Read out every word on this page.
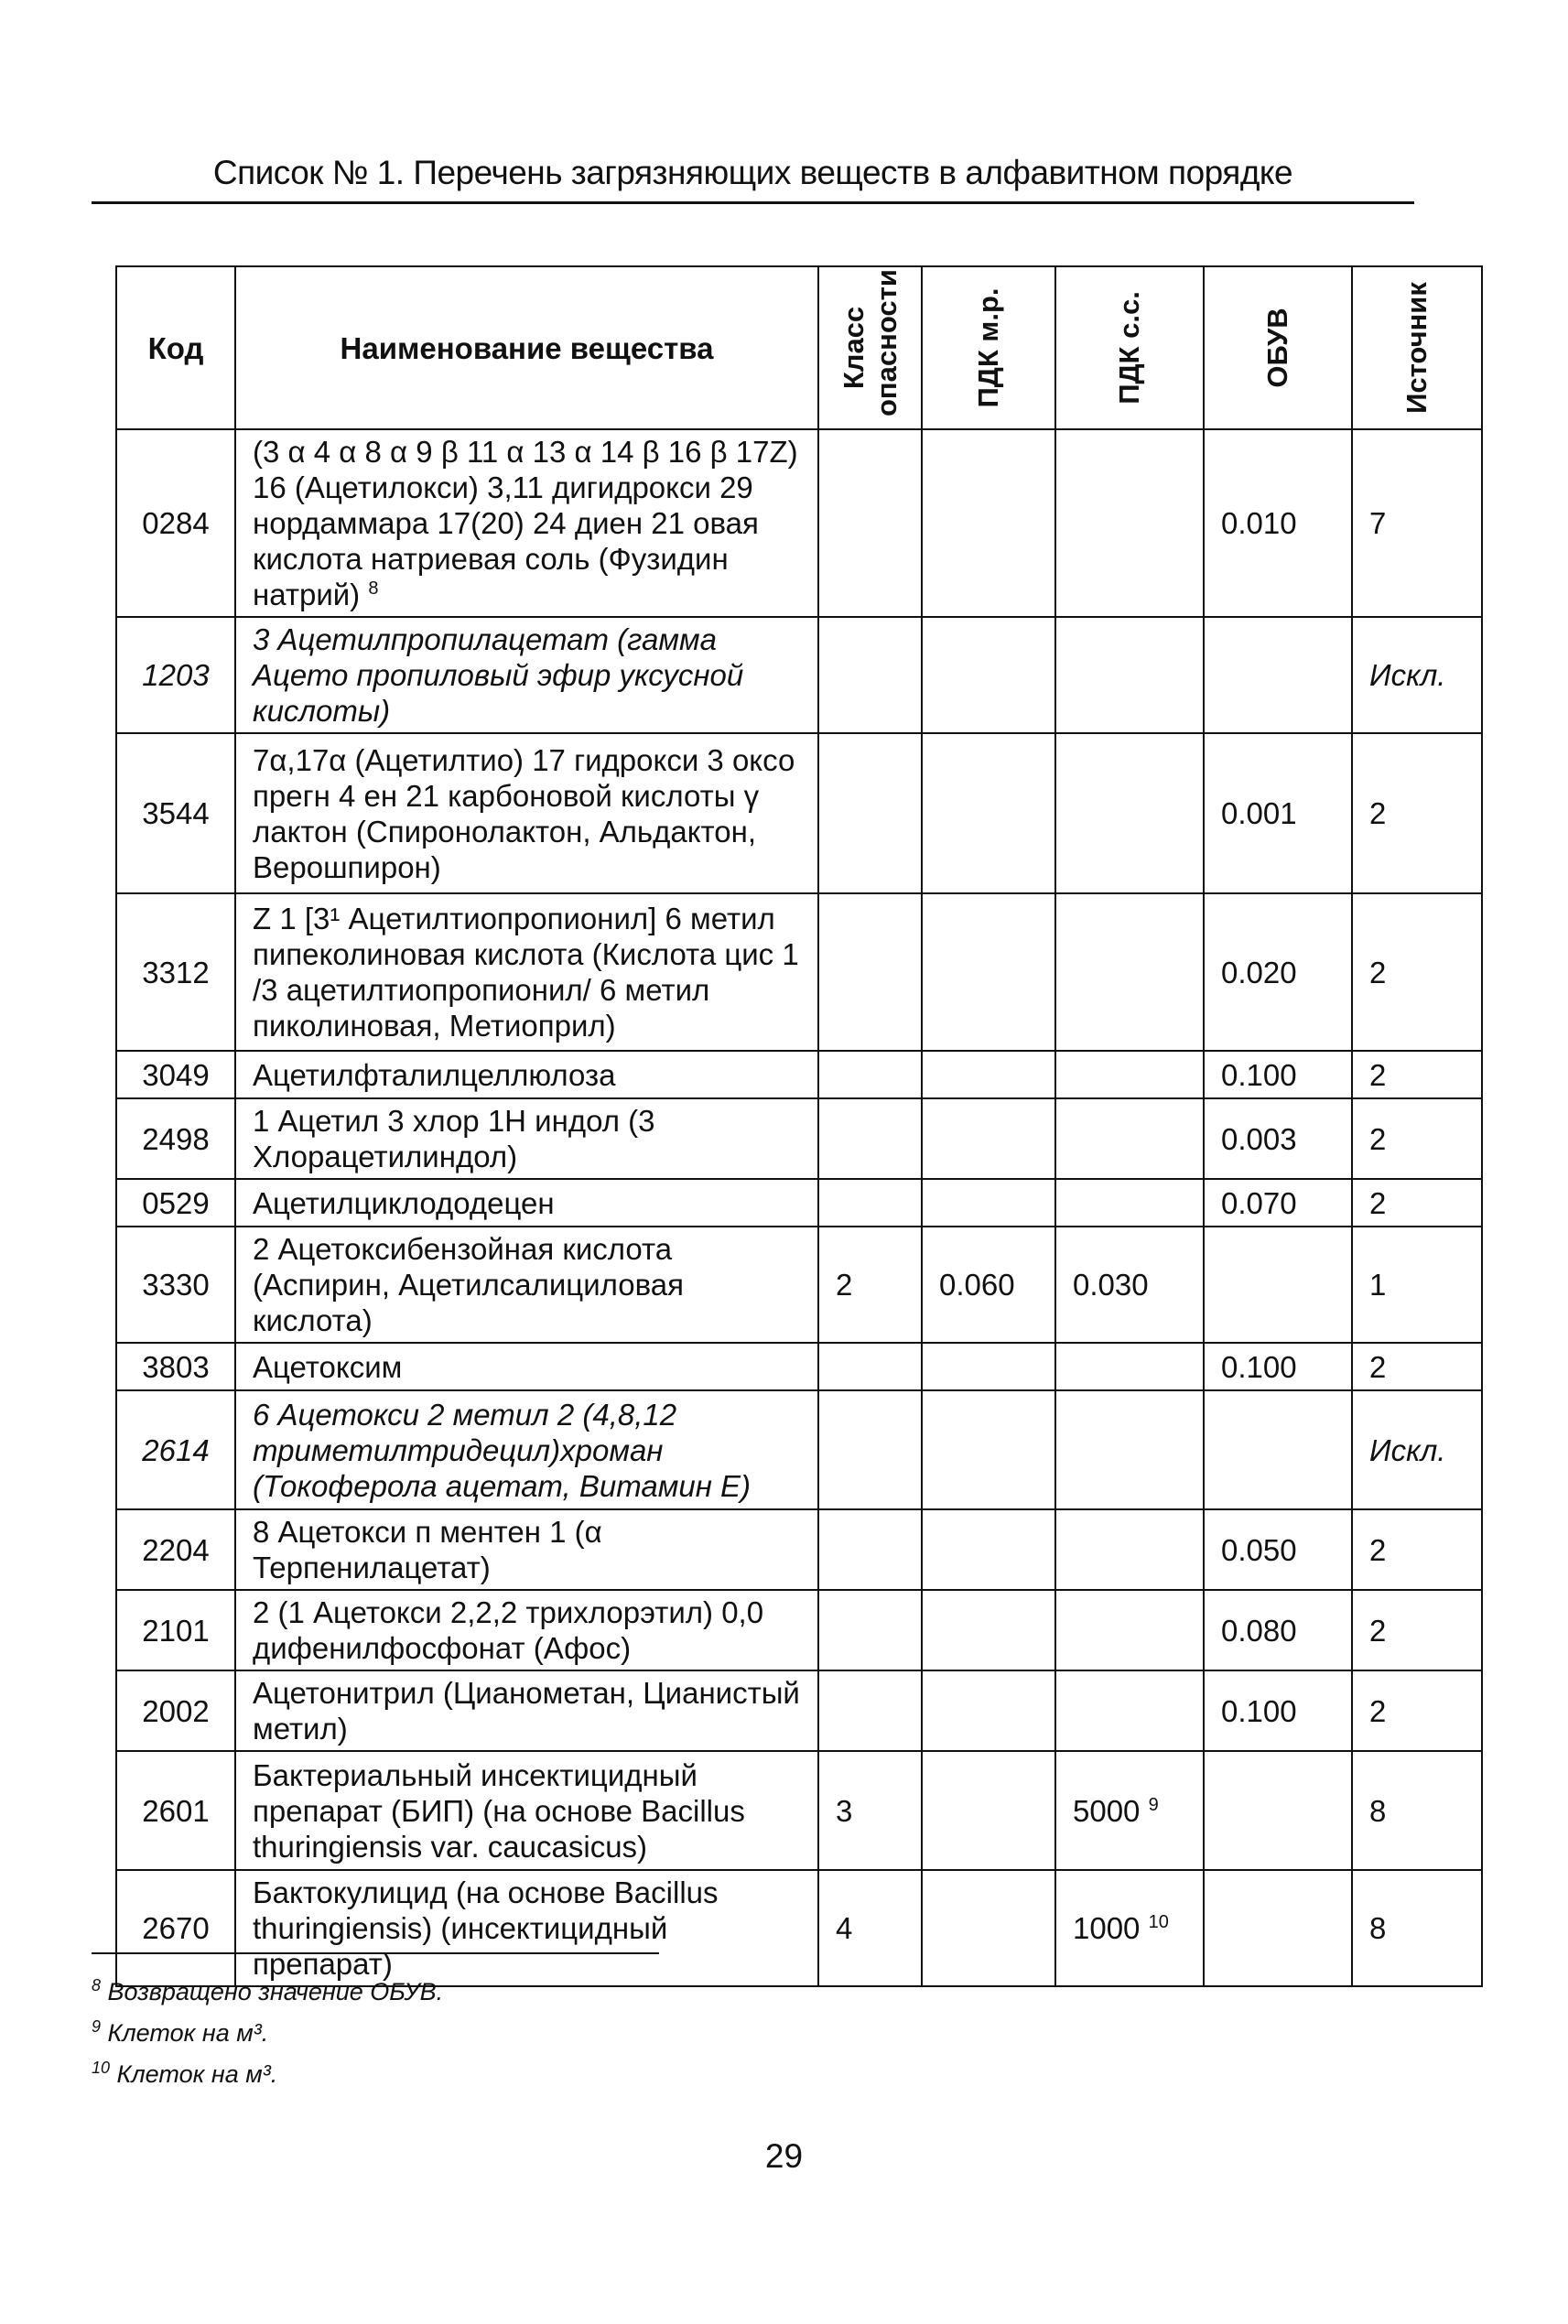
Список № 1. Перечень загрязняющих веществ в алфавитном порядке
Код	Наименование вещества	Класс опасности	ПДК м.р.	ПДК с.с.	ОБУВ	Источник

0284	(3 α 4 α 8 α 9 β 11 α 13 α 14 β 16 β 17Z) 16 (Ацетилокси) 3,11 дигидрокси 29 нордаммара 17(20) 24 диен 21 овая кислота натриевая соль (Фузидин натрий) $^8$				0.010	7
1203	3 Ацетилпропилацетат (гамма Ацето пропиловый эфир уксусной кислоты)					Искл.
3544	7α,17α (Ацетилтио) 17 гидрокси 3 оксо прегн 4 ен 21 карбоновой кислоты γ лактон (Спиронолактон, Альдактон, Верошпирон)				0.001	2
3312	Z 1 [3¹ Ацетилтиопропионил] 6 метил пипеколиновая кислота (Кислота цис 1 /3 ацетилтиопропионил/ 6 метил пиколиновая, Метиоприл)				0.020	2
3049	Ацетилфталилцеллюлоза				0.100	2
2498	1 Ацетил 3 хлор 1Н индол (3 Хлорацетилиндол)				0.003	2
0529	Ацетилциклододецен				0.070	2
3330	2 Ацетоксибензойная кислота (Аспирин, Ацетилсалициловая кислота)	2	0.060	0.030		1
3803	Ацетоксим				0.100	2
2614	6 Ацетокси 2 метил 2 (4,8,12 триметилтридецил)хроман (Токоферола ацетат, Витамин Е)					Искл.
2204	8 Ацетокси п ментен 1 (α Терпенилацетат)				0.050	2
2101	2 (1 Ацетокси 2,2,2 трихлорэтил) 0,0 дифенилфосфонат (Афос)				0.080	2
2002	Ацетонитрил (Цианометан, Цианистый метил)				0.100	2
2601	Бактериальный инсектицидный препарат (БИП) (на основе Bacillus thuringiensis var. caucasicus)	3		5000 $^9$		8
2670	Бактокулицид (на основе Bacillus thuringiensis) (инсектицидный препарат)	4		1000 $^{10}$		8
$^8$ Возвращено значение ОБУВ.
$^9$ Клеток на м³.
$^{10}$ Клеток на м³.
29
